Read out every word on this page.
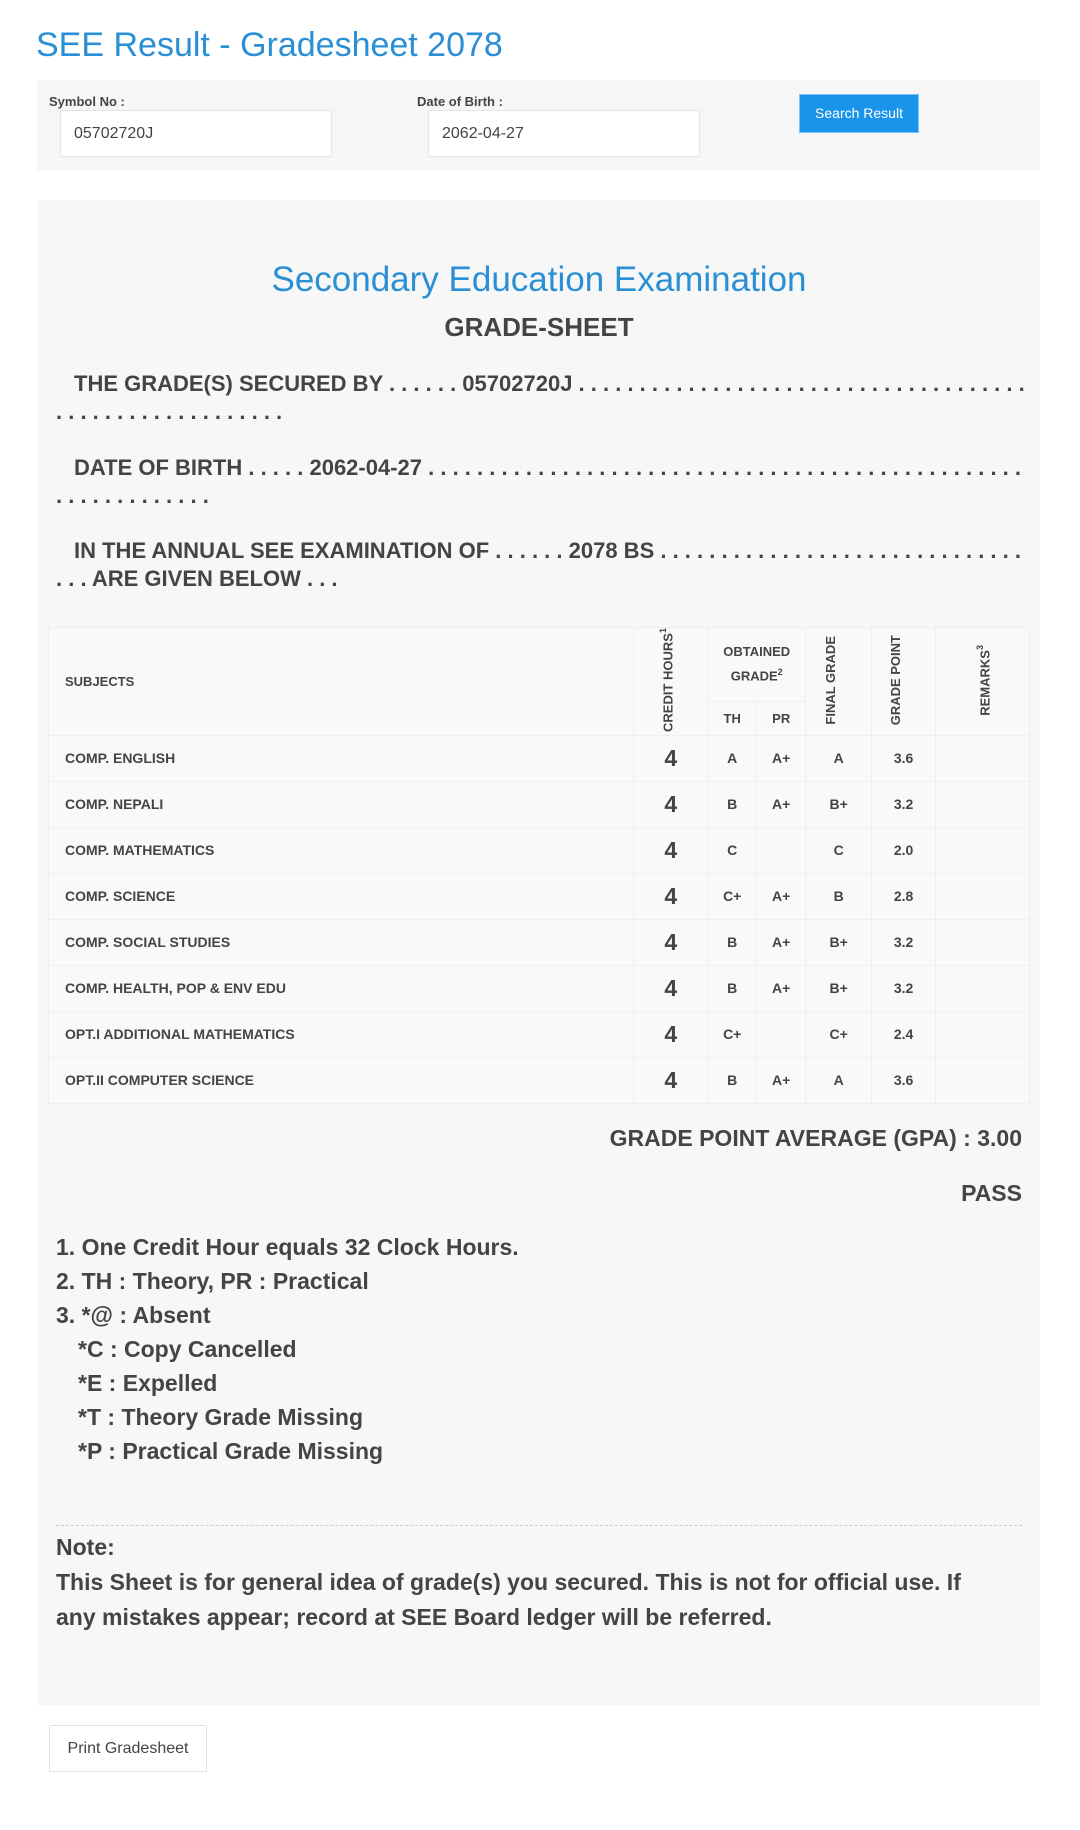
SEE Result - Gradesheet 2078
Symbol No :
05702720J	Date of Birth :
2062-04-27
Search Result
Secondary Education Examination
GRADE-SHEET
THE GRADE(S) SECURED BY . . . . . . 05702720J . . . . . . . . . . . . . . . . . . . . . . . . . . . . . . . . . . . . . . . . . . . . . . . . . . . . . . . .
DATE OF BIRTH . . . . . 2062-04-27 . . . . . . . . . . . . . . . . . . . . . . . . . . . . . . . . . . . . . . . . . . . . . . . . . . . . . . . . . . . . . .
IN THE ANNUAL SEE EXAMINATION OF . . . . . . 2078 BS . . . . . . . . . . . . . . . . . . . . . . . . . . . . . . . . . ARE GIVEN BELOW . . .
SUBJECTS	CREDIT HOURS$^1$	OBTAINED GRADE$^2$		FINAL GRADE	GRADE POINT	REMARKS$^3$
		TH	PR			
COMP. ENGLISH	4	A	A+	A	3.6	
COMP. NEPALI	4	B	A+	B+	3.2	
COMP. MATHEMATICS	4	C		C	2.0	
COMP. SCIENCE	4	C+	A+	B	2.8	
COMP. SOCIAL STUDIES	4	B	A+	B+	3.2	
COMP. HEALTH, POP & ENV EDU	4	B	A+	B+	3.2	
OPT.I ADDITIONAL MATHEMATICS	4	C+		C+	2.4	
OPT.II COMPUTER SCIENCE	4	B	A+	A	3.6	
GRADE POINT AVERAGE (GPA) : 3.00
PASS
1. One Credit Hour equals 32 Clock Hours.
2. TH : Theory, PR : Practical
3. *@ : Absent
*C : Copy Cancelled
*E : Expelled
*T : Theory Grade Missing
*P : Practical Grade Missing
Note:
This Sheet is for general idea of grade(s) you secured. This is not for official use. If any mistakes appear; record at SEE Board ledger will be referred.
Print Gradesheet
